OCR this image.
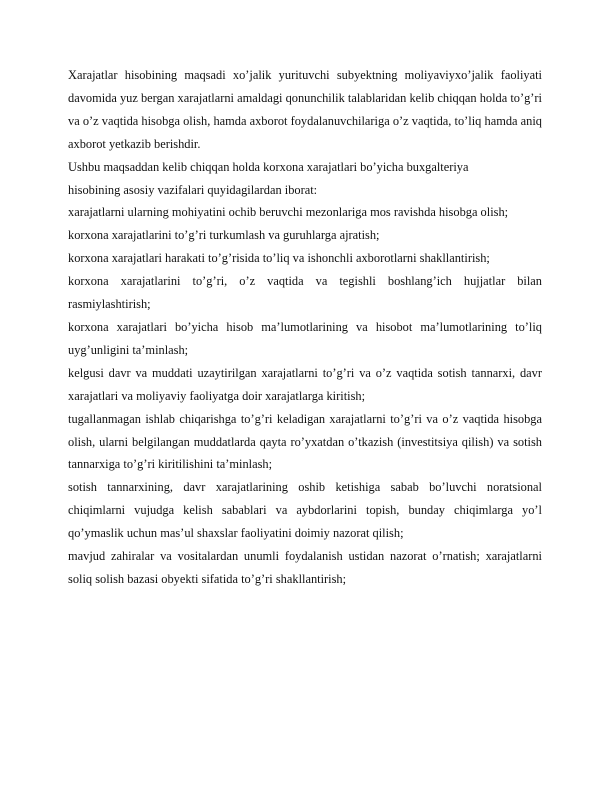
Xarajatlar hisobining maqsadi xo’jalik yurituvchi subyektning moliyaviyxo’jalik faoliyati davomida yuz bergan xarajatlarni amaldagi qonunchilik talablaridan kelib chiqqan holda to’g’ri va o’z vaqtida hisobga olish, hamda axborot foydalanuvchilariga o’z vaqtida, to’liq hamda aniq axborot yetkazib berishdir.

Ushbu maqsaddan kelib chiqqan holda korxona xarajatlari bo’yicha buxgalteriya

hisobining asosiy vazifalari quyidagilardan iborat:

xarajatlarni ularning mohiyatini ochib beruvchi mezonlariga mos ravishda hisobga olish;

korxona xarajatlarini to’g’ri turkumlash va guruhlarga ajratish;

korxona xarajatlari harakati to’g’risida to’liq va ishonchli axborotlarni shakllantirish;

korxona xarajatlarini to’g’ri, o’z vaqtida va tegishli boshlang’ich hujjatlar bilan rasmiylashtirish;

korxona xarajatlari bo’yicha hisob ma’lumotlarining va hisobot ma’lumotlarining to’liq uyg’unligini ta’minlash;

kelgusi davr va muddati uzaytirilgan xarajatlarni to’g’ri va o’z vaqtida sotish tannarxi, davr xarajatlari va moliyaviy faoliyatga doir xarajatlarga kiritish;

tugallanmagan ishlab chiqarishga to’g’ri keladigan xarajatlarni to’g’ri va o’z vaqtida hisobga olish, ularni belgilangan muddatlarda qayta ro’yxatdan o’tkazish (investitsiya qilish) va sotish tannarxiga to’g’ri kiritilishini ta’minlash;

sotish tannarxining, davr xarajatlarining oshib ketishiga sabab bo’luvchi noratsional chiqimlarni vujudga kelish sabablari va aybdorlarini topish, bunday chiqimlarga yo’l qo’ymaslik uchun mas’ul shaxslar faoliyatini doimiy nazorat qilish;

mavjud zahiralar va vositalardan unumli foydalanish ustidan nazorat o’rnatish; xarajatlarni soliq solish bazasi obyekti sifatida to’g’ri shakllantirish;
